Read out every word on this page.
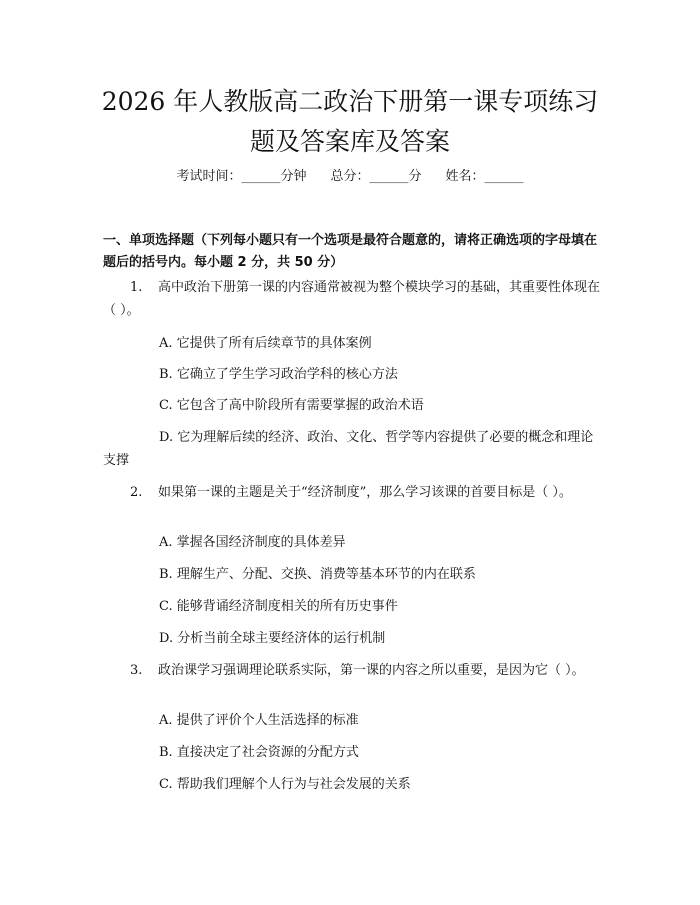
2026 年人教版高二政治下册第一课专项练习
题及答案库及答案
考试时间：______分钟 总分：______分 姓名：______
一、单项选择题（下列每小题只有一个选项是最符合题意的，请将正确选项的字母填在题后的括号内。每小题 2 分，共 50 分）
1. 高中政治下册第一课的内容通常被视为整个模块学习的基础，其重要性体现在（ ）。
A. 它提供了所有后续章节的具体案例
B. 它确立了学生学习政治学科的核心方法
C. 它包含了高中阶段所有需要掌握的政治术语
D. 它为理解后续的经济、政治、文化、哲学等内容提供了必要的概念和理论支撑
2. 如果第一课的主题是关于“经济制度”，那么学习该课的首要目标是（ ）。
A. 掌握各国经济制度的具体差异
B. 理解生产、分配、交换、消费等基本环节的内在联系
C. 能够背诵经济制度相关的所有历史事件
D. 分析当前全球主要经济体的运行机制
3. 政治课学习强调理论联系实际，第一课的内容之所以重要，是因为它（ ）。
A. 提供了评价个人生活选择的标准
B. 直接决定了社会资源的分配方式
C. 帮助我们理解个人行为与社会发展的关系
